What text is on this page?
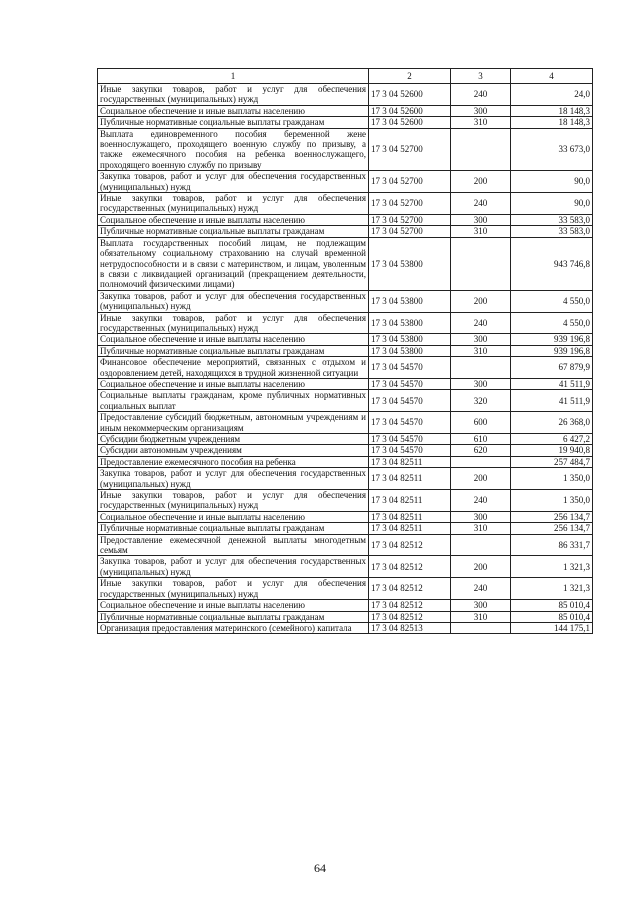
1	2	3	4
Иные закупки товаров, работ и услуг для обеспечения государственных (муниципальных) нужд	17 3 04 52600	240	24,0
Социальное обеспечение и иные выплаты населению	17 3 04 52600	300	18 148,3
Публичные нормативные социальные выплаты гражданам	17 3 04 52600	310	18 148,3
Выплата единовременного пособия беременной жене военнослужащего, проходящего военную службу по призыву, а также ежемесячного пособия на ребенка военнослужащего, проходящего военную службу по призыву	17 3 04 52700		33 673,0
Закупка товаров, работ и услуг для обеспечения государственных (муниципальных) нужд	17 3 04 52700	200	90,0
Иные закупки товаров, работ и услуг для обеспечения государственных (муниципальных) нужд	17 3 04 52700	240	90,0
Социальное обеспечение и иные выплаты населению	17 3 04 52700	300	33 583,0
Публичные нормативные социальные выплаты гражданам	17 3 04 52700	310	33 583,0
Выплата государственных пособий лицам, не подлежащим обязательному социальному страхованию на случай временной нетрудоспособности и в связи с материнством, и лицам, уволенным в связи с ликвидацией организаций (прекращением деятельности, полномочий физическими лицами)	17 3 04 53800		943 746,8
Закупка товаров, работ и услуг для обеспечения государственных (муниципальных) нужд	17 3 04 53800	200	4 550,0
Иные закупки товаров, работ и услуг для обеспечения государственных (муниципальных) нужд	17 3 04 53800	240	4 550,0
Социальное обеспечение и иные выплаты населению	17 3 04 53800	300	939 196,8
Публичные нормативные социальные выплаты гражданам	17 3 04 53800	310	939 196,8
Финансовое обеспечение мероприятий, связанных с отдыхом и оздоровлением детей, находящихся в трудной жизненной ситуации	17 3 04 54570		67 879,9
Социальное обеспечение и иные выплаты населению	17 3 04 54570	300	41 511,9
Социальные выплаты гражданам, кроме публичных нормативных социальных выплат	17 3 04 54570	320	41 511,9
Предоставление субсидий бюджетным, автономным учреждениям и иным некоммерческим организациям	17 3 04 54570	600	26 368,0
Субсидии бюджетным учреждениям	17 3 04 54570	610	6 427,2
Субсидии автономным учреждениям	17 3 04 54570	620	19 940,8
Предоставление ежемесячного пособия на ребенка	17 3 04 82511		257 484,7
Закупка товаров, работ и услуг для обеспечения государственных (муниципальных) нужд	17 3 04 82511	200	1 350,0
Иные закупки товаров, работ и услуг для обеспечения государственных (муниципальных) нужд	17 3 04 82511	240	1 350,0
Социальное обеспечение и иные выплаты населению	17 3 04 82511	300	256 134,7
Публичные нормативные социальные выплаты гражданам	17 3 04 82511	310	256 134,7
Предоставление ежемесячной денежной выплаты многодетным семьям	17 3 04 82512		86 331,7
Закупка товаров, работ и услуг для обеспечения государственных (муниципальных) нужд	17 3 04 82512	200	1 321,3
Иные закупки товаров, работ и услуг для обеспечения государственных (муниципальных) нужд	17 3 04 82512	240	1 321,3
Социальное обеспечение и иные выплаты населению	17 3 04 82512	300	85 010,4
Публичные нормативные социальные выплаты гражданам	17 3 04 82512	310	85 010,4
Организация предоставления материнского (семейного) капитала	17 3 04 82513		144 175,1
64
